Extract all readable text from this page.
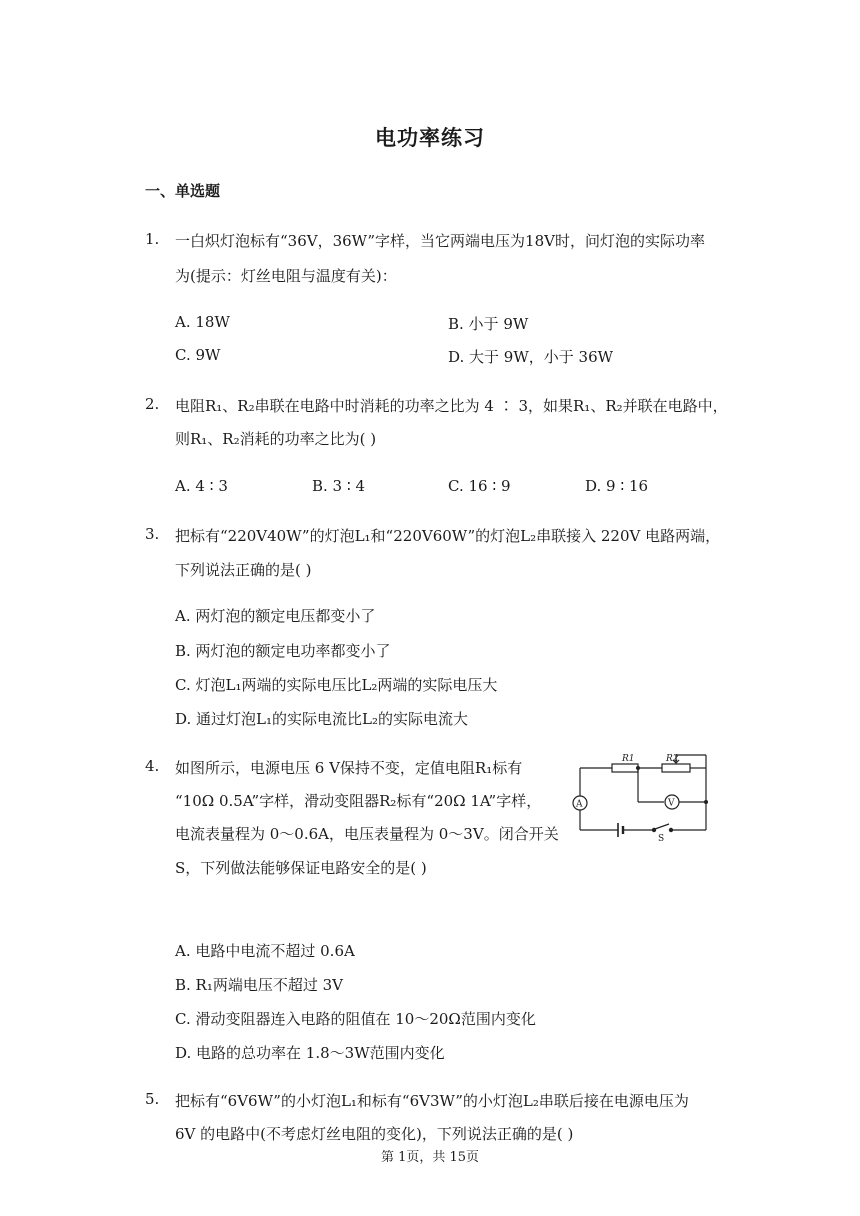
电功率练习
一、单选题
1. 一白炽灯泡标有“36V，36W”字样，当它两端电压为18V时，问灯泡的实际功率
为(提示：灯丝电阻与温度有关)：
A. 18W	B. 小于 9W
C. 9W	D. 大于 9W，小于 36W
2. 电阻R₁、R₂串联在电路中时消耗的功率之比为 4 ∶ 3，如果R₁、R₂并联在电路中，
则R₁、R₂消耗的功率之比为( )
A. 4 ∶ 3	B. 3 ∶ 4	C. 16 ∶ 9	D. 9 ∶ 16
3. 把标有“220V40W”的灯泡L₁和“220V60W”的灯泡L₂串联接入 220V 电路两端，
下列说法正确的是( )
A. 两灯泡的额定电压都变小了
B. 两灯泡的额定电功率都变小了
C. 灯泡L₁两端的实际电压比L₂两端的实际电压大
D. 通过灯泡L₁的实际电流比L₂的实际电流大
4. 如图所示，电源电压 6 V保持不变，定值电阻R₁标有
“10Ω 0.5A”字样，滑动变阻器R₂标有“20Ω 1A”字样，
电流表量程为 0～0.6A，电压表量程为 0～3V。闭合开关
S，下列做法能够保证电路安全的是( )
R1	R2
A	V
S
A. 电路中电流不超过 0.6A
B. R₁两端电压不超过 3V
C. 滑动变阻器连入电路的阻值在 10～20Ω范围内变化
D. 电路的总功率在 1.8～3W范围内变化
5. 把标有“6V6W”的小灯泡L₁和标有“6V3W”的小灯泡L₂串联后接在电源电压为
6V 的电路中(不考虑灯丝电阻的变化)，下列说法正确的是( )
第 1页，共 15页
